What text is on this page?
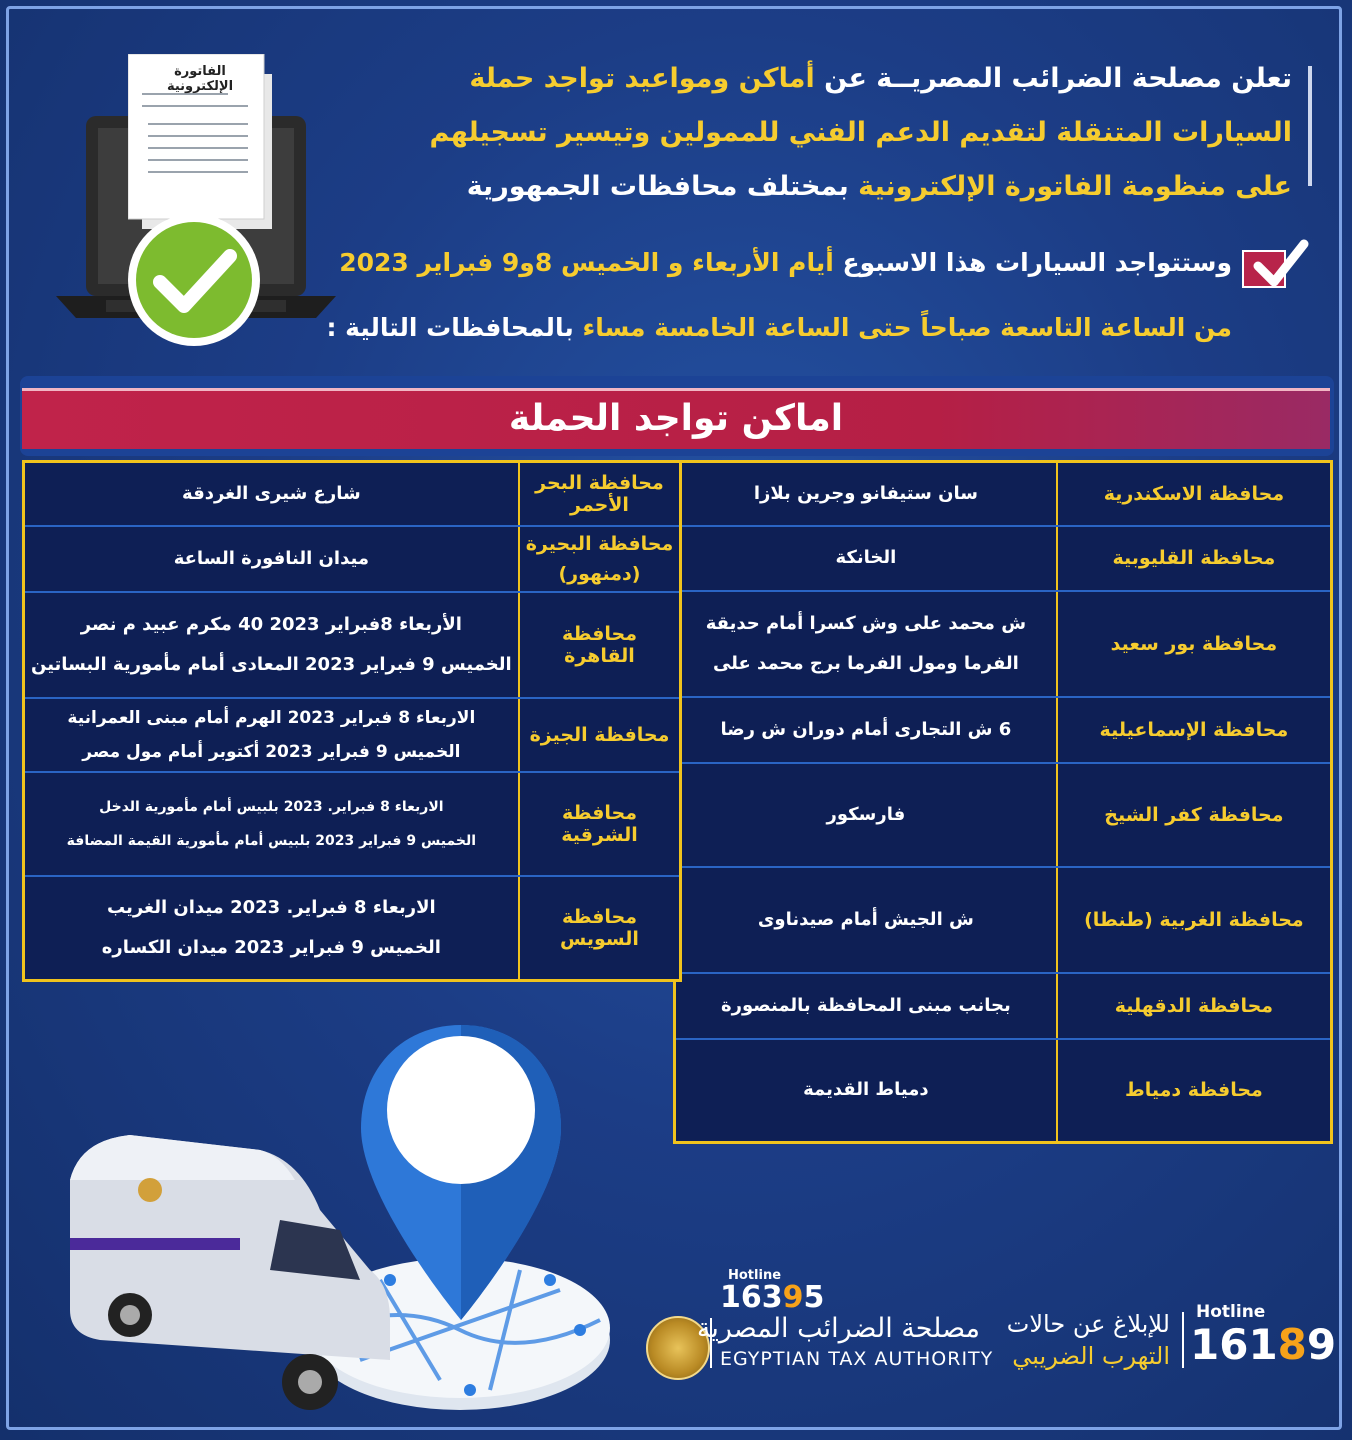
الفاتورة الإلكترونية	تعلن مصلحة الضرائب المصريــة عن أماكن ومواعيد تواجد حملة السيارات المتنقلة لتقديم الدعم الفني للممولين وتيسير تسجيلهم على منظومة الفاتورة الإلكترونية بمختلف محافظات الجمهورية
وستتواجد السيارات هذا الاسبوع أيام الأربعاء و الخميس 8و9 فبراير 2023
من الساعة التاسعة صباحاً حتى الساعة الخامسة مساء بالمحافظات التالية :
اماكن تواجد الحملة
سان ستيفانو وجرين بلازا	محافظة الاسكندرية
الخانكة	محافظة القليوبية

ش محمد على وش كسرا أمام حديقة
الفرما ومول الفرما برج محمد على	محافظة بور سعيد
6 ش التجارى أمام دوران ش رضا	محافظة الإسماعيلية
فارسكور	محافظة كفر الشيخ
ش الجيش أمام صيدناوى	محافظة الغربية (طنطا)
بجانب مبنى المحافظة بالمنصورة	محافظة الدقهلية
دمياط القديمة	محافظة دمياط
شارع شيرى الغردقة	محافظة البحر الأحمر
ميدان النافورة الساعة	محافظة البحيرة
(دمنهور)

الأربعاء 8فبراير 2023 40 مكرم عبيد م نصر
الخميس 9 فبراير 2023 المعادى أمام مأمورية البساتين	محافظة القاهرة

الاربعاء 8 فبراير 2023 الهرم أمام مبنى العمرانية
الخميس 9 فبراير 2023 أكتوبر أمام مول مصر	محافظة الجيزة

الاربعاء 8 فبراير. 2023 بلبيس أمام مأمورية الدخل
الخميس 9 فبراير 2023 بلبيس أمام مأمورية القيمة المضافة	محافظة الشرقية

الاربعاء 8 فبراير. 2023 ميدان الغريب
الخميس 9 فبراير 2023 ميدان الكساره	محافظة السويس
Hotline
16395
مصلحة الضرائب المصرية
EGYPTIAN TAX AUTHORITY
للإبلاغ عن حالات
التهرب الضريبي
Hotline
16189
